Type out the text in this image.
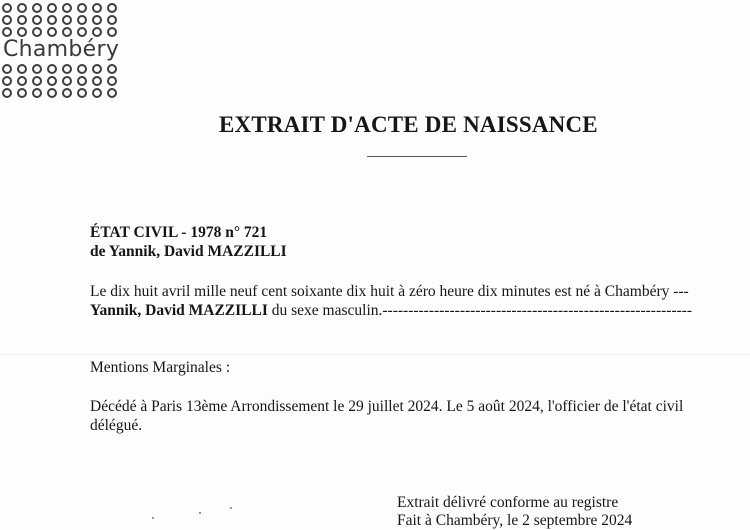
Chambéry
EXTRAIT D'ACTE DE NAISSANCE

ÉTAT CIVIL - 1978 n° 721

de Yannik, David MAZZILLI

Le dix huit avril mille neuf cent soixante dix huit à zéro heure dix minutes est né à Chambéry ---

Yannik, David MAZZILLI du sexe masculin.------------------------------------------------------------

Mentions Marginales :

Décédé à Paris 13ème Arrondissement le 29 juillet 2024. Le 5 août 2024, l'officier de l'état civil

délégué.

Extrait délivré conforme au registre

Fait à Chambéry, le 2 septembre 2024
